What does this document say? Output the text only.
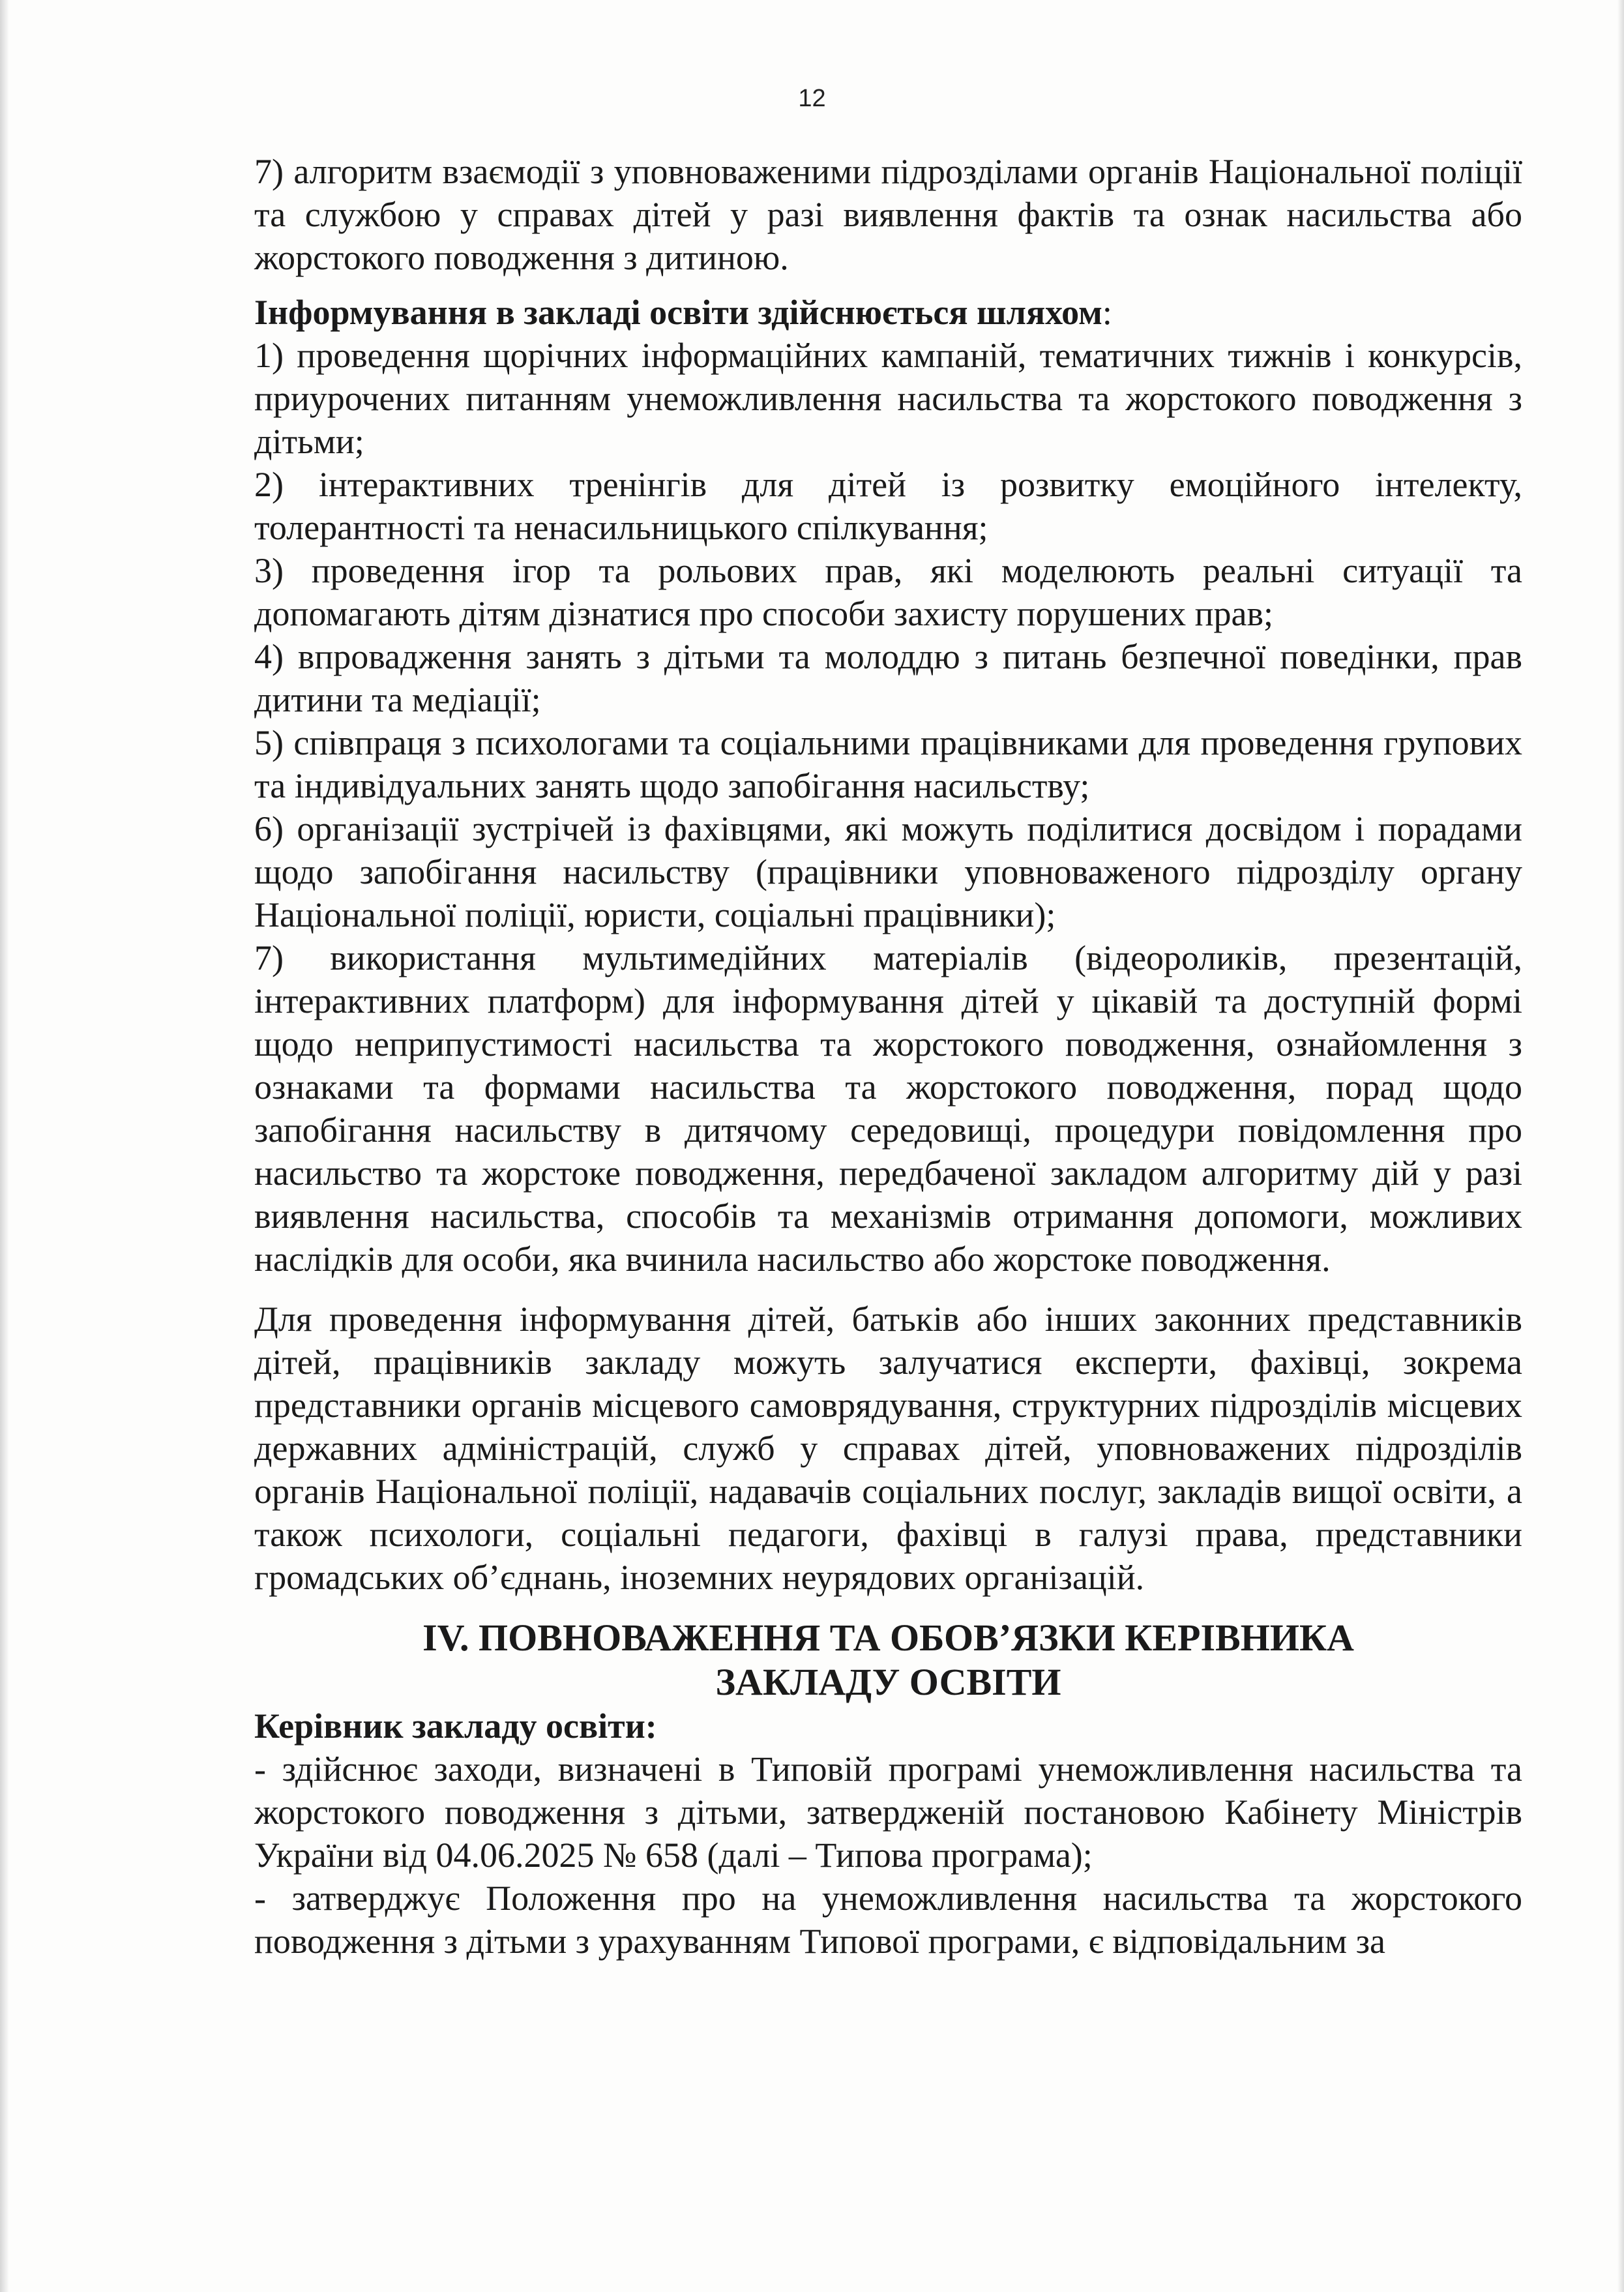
12

7) алгоритм взаємодії з уповноваженими підрозділами органів Національної поліції та службою у справах дітей у разі виявлення фактів та ознак насильства або жорстокого поводження з дитиною.

Інформування в закладі освіти здійснюється шляхом:

1) проведення щорічних інформаційних кампаній, тематичних тижнів і конкурсів, приурочених питанням унеможливлення насильства та жорстокого поводження з дітьми;

2) інтерактивних тренінгів для дітей із розвитку емоційного інтелекту, толерантності та ненасильницького спілкування;

3) проведення ігор та рольових прав, які моделюють реальні ситуації та допомагають дітям дізнатися про способи захисту порушених прав;

4) впровадження занять з дітьми та молоддю з питань безпечної поведінки, прав дитини та медіації;

5) співпраця з психологами та соціальними працівниками для проведення групових та індивідуальних занять щодо запобігання насильству;

6) організації зустрічей із фахівцями, які можуть поділитися досвідом і порадами щодо запобігання насильству (працівники уповноваженого підрозділу органу Національної поліції, юристи, соціальні працівники);

7) використання мультимедійних матеріалів (відеороликів, презентацій, інтерактивних платформ) для інформування дітей у цікавій та доступній формі щодо неприпустимості насильства та жорстокого поводження, ознайомлення з ознаками та формами насильства та жорстокого поводження, порад щодо запобігання насильству в дитячому середовищі, процедури повідомлення про насильство та жорстоке поводження, передбаченої закладом алгоритму дій у разі виявлення насильства, способів та механізмів отримання допомоги, можливих наслідків для особи, яка вчинила насильство або жорстоке поводження.

Для проведення інформування дітей, батьків або інших законних представників дітей, працівників закладу можуть залучатися експерти, фахівці, зокрема представники органів місцевого самоврядування, структурних підрозділів місцевих державних адміністрацій, служб у справах дітей, уповноважених підрозділів органів Національної поліції, надавачів соціальних послуг, закладів вищої освіти, а також психологи, соціальні педагоги, фахівці в галузі права, представники громадських об’єднань, іноземних неурядових організацій.

IV. ПОВНОВАЖЕННЯ ТА ОБОВ’ЯЗКИ КЕРІВНИКА
ЗАКЛАДУ ОСВІТИ

Керівник закладу освіти:

- здійснює заходи, визначені в Типовій програмі унеможливлення насильства та жорстокого поводження з дітьми, затвердженій постановою Кабінету Міністрів України від 04.06.2025 № 658 (далі – Типова програма);

- затверджує Положення про на унеможливлення насильства та жорстокого поводження з дітьми з урахуванням Типової програми, є відповідальним за
